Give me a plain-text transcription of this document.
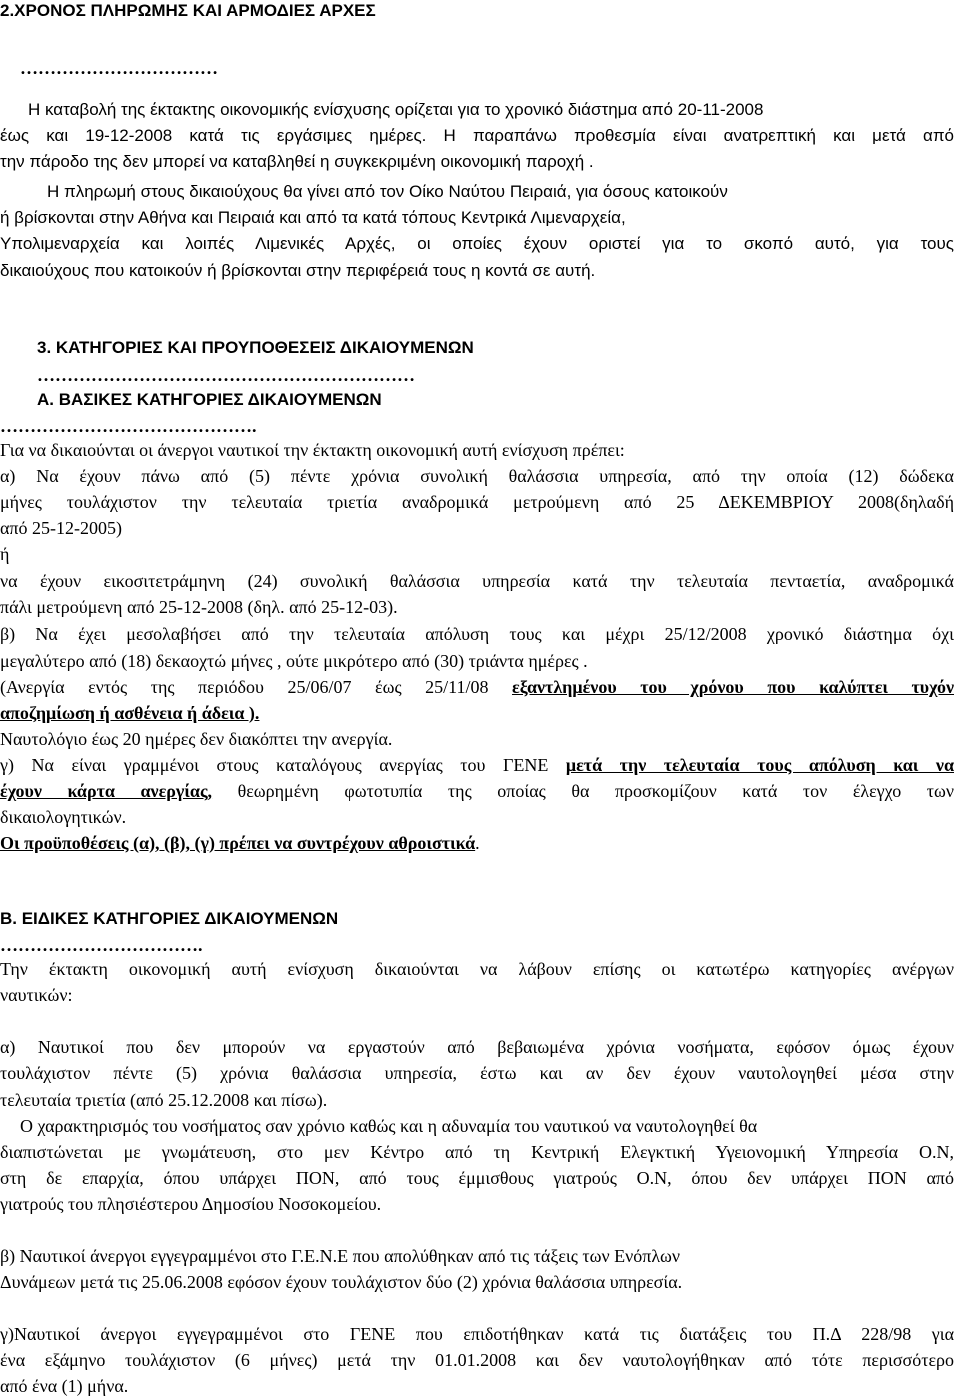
2.ΧΡΟΝΟΣ ΠΛΗΡΩΜΗΣ ΚΑΙ ΑΡΜΟΔΙΕΣ ΑΡΧΕΣ
……………………………
Η καταβολή της έκτακτης οικονομικής ενίσχυσης ορίζεται για το χρονικό διάστημα από 20-11-2008
έως και 19-12-2008 κατά τις εργάσιμες ημέρες. Η παραπάνω προθεσμία είναι ανατρεπτική και μετά από
την πάροδο της δεν μπορεί να καταβληθεί η συγκεκριμένη οικονομική παροχή .
Η πληρωμή στους δικαιούχους θα γίνει από τον Οίκο Ναύτου Πειραιά, για όσους κατοικούν
ή βρίσκονται στην Αθήνα και Πειραιά και από τα κατά τόπους Κεντρικά Λιμεναρχεία,
Υπολιμεναρχεία και λοιπές Λιμενικές Αρχές, οι οποίες έχουν οριστεί για το σκοπό αυτό, για τους
δικαιούχους που κατοικούν ή βρίσκονται στην περιφέρειά τους η κοντά σε αυτή.
3. ΚΑΤΗΓΟΡΙΕΣ ΚΑΙ ΠΡΟΥΠΟΘΕΣΕΙΣ ΔΙΚΑΙΟΥΜΕΝΩΝ
………………………………………………………
Α. ΒΑΣΙΚΕΣ ΚΑΤΗΓΟΡΙΕΣ ΔΙΚΑΙΟΥΜΕΝΩΝ
…………………………………….
Για να δικαιούνται οι άνεργοι ναυτικοί την έκτακτη οικονομική αυτή ενίσχυση πρέπει:
α) Να έχουν πάνω από (5) πέντε χρόνια συνολική θαλάσσια υπηρεσία, από την οποία (12) δώδεκα
μήνες τουλάχιστον την τελευταία τριετία αναδρομικά μετρούμενη από 25 ΔΕΚΕΜΒΡΙΟΥ 2008(δηλαδή
από 25-12-2005)
ή
να έχουν εικοσιτετράμηνη (24) συνολική θαλάσσια υπηρεσία κατά την τελευταία πενταετία, αναδρομικά
πάλι μετρούμενη από 25-12-2008 (δηλ. από 25-12-03).
β) Να έχει μεσολαβήσει από την τελευταία απόλυση τους και μέχρι 25/12/2008 χρονικό διάστημα όχι
μεγαλύτερο από (18) δεκαοχτώ μήνες , ούτε μικρότερο από (30) τριάντα ημέρες .
(Ανεργία εντός της περιόδου 25/06/07 έως 25/11/08 εξαντλημένου του χρόνου που καλύπτει τυχόν
αποζημίωση ή ασθένεια ή άδεια ).
Ναυτολόγιο έως 20 ημέρες δεν διακόπτει την ανεργία.
γ) Να είναι γραμμένοι στους καταλόγους ανεργίας του ΓΕΝΕ μετά την τελευταία τους απόλυση και να
έχουν κάρτα ανεργίας, θεωρημένη φωτοτυπία της οποίας θα προσκομίζουν κατά τον έλεγχο των
δικαιολογητικών.
Οι προϋποθέσεις (α), (β), (γ) πρέπει να συντρέχουν αθροιστικά.
Β. ΕΙΔΙΚΕΣ ΚΑΤΗΓΟΡΙΕΣ ΔΙΚΑΙΟΥΜΕΝΩΝ
…………………………….
Την έκτακτη οικονομική αυτή ενίσχυση δικαιούνται να λάβουν επίσης οι κατωτέρω κατηγορίες ανέργων
ναυτικών:
α) Ναυτικοί που δεν μπορούν να εργαστούν από βεβαιωμένα χρόνια νοσήματα, εφόσον όμως έχουν
τουλάχιστον πέντε (5) χρόνια θαλάσσια υπηρεσία, έστω και αν δεν έχουν ναυτολογηθεί μέσα στην
τελευταία τριετία (από 25.12.2008 και πίσω).
Ο χαρακτηρισμός του νοσήματος σαν χρόνιο καθώς και η αδυναμία του ναυτικού να ναυτολογηθεί θα
διαπιστώνεται με γνωμάτευση, στο μεν Κέντρο από τη Κεντρική Ελεγκτική Υγειονομική Υπηρεσία Ο.Ν,
στη δε επαρχία, όπου υπάρχει ΠΟΝ, από τους έμμισθους γιατρούς Ο.Ν, όπου δεν υπάρχει ΠΟΝ από
γιατρούς του πλησιέστερου Δημοσίου Νοσοκομείου.
β) Ναυτικοί άνεργοι εγγεγραμμένοι στο Γ.Ε.Ν.Ε που απολύθηκαν από τις τάξεις των Ενόπλων
Δυνάμεων μετά τις 25.06.2008 εφόσον έχουν τουλάχιστον δύο (2) χρόνια θαλάσσια υπηρεσία.
γ)Ναυτικοί άνεργοι εγγεγραμμένοι στο ΓΕΝΕ που επιδοτήθηκαν κατά τις διατάξεις του Π.Δ 228/98 για
ένα εξάμηνο τουλάχιστον (6 μήνες) μετά την 01.01.2008 και δεν ναυτολογήθηκαν από τότε περισσότερο
από ένα (1) μήνα.
